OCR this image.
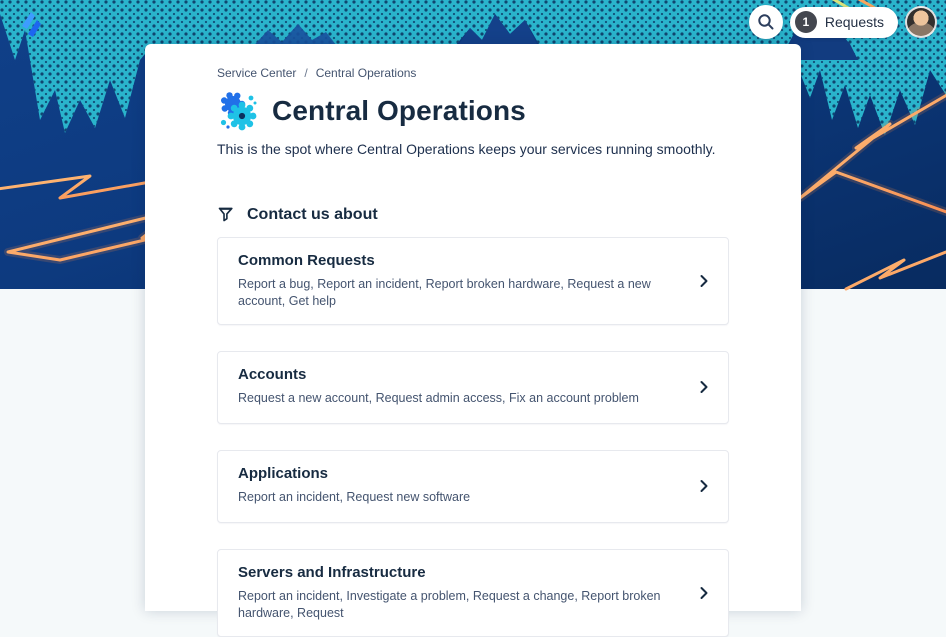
1	Requests
Service Center / Central Operations
Central Operations

This is the spot where Central Operations keeps your services running smoothly.

Contact us about
Common Requests
Report a bug, Report an incident, Report broken hardware, Request a new account, Get help
Accounts
Request a new account, Request admin access, Fix an account problem
Applications
Report an incident, Request new software
Servers and Infrastructure
Report an incident, Investigate a problem, Request a change, Report broken hardware, Request
